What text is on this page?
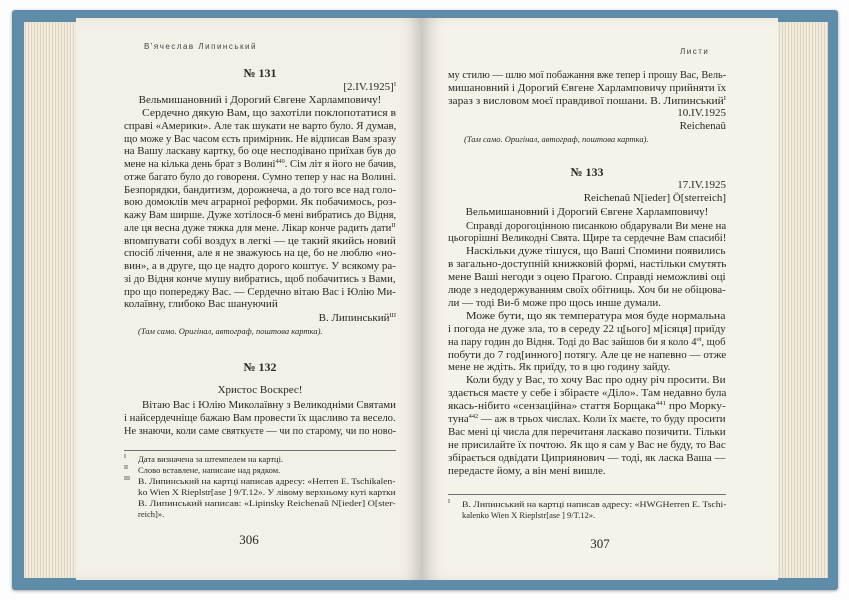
В'ячеслав Липинський
№ 131
$[2.IV.1925]^I$
Вельмишановний і Дорогий Євгене Харламповичу!
Сердечно дякую Вам, що захотіли поклопотатися в
справі «Америки». Але так шукати не варто було. Я думав,
що може у Вас часом єсть примірник. Не відписав Вам зразу
на Вашу ласкаву картку, бо оце несподівано приїхав був до
мене на кілька день брат з Волині$^{440}$. Сім літ я його не бачив,
отже багато було до говореня. Сумно тепер у нас на Волині.
Безпорядки, бандитизм, дорожнеча, а до того все над голо-
вою домоклів меч аграрної реформи. Як побачимось, роз-
кажу Вам ширше. Дуже хотілося-б мені вибратись до Відня,
але ця весна дуже тяжка для мене. Лікар конче радить дати$^{II}$
впомпувати собі воздух в легкі — це такий якийсь новий
спосіб лічення, але я не зважуюсь на це, бо не люблю «но-
вин», а в друге, що це надто дорого коштує. У всякому ра-
зі до Відня конче мушу вибратись, щоб побачитись з Вами,
про що попереджу Вас. — Сердечно вітаю Вас і Юлію Ми-
колаївну, глибоко Вас шануючий
В. Липинський$^{III}$
(Там само. Оригінал, автограф, поштова картка).
№ 132
Христос Воскрес!
Вітаю Вас і Юлію Миколаївну з Великодніми Святами
і найсердечніще бажаю Вам провести їх щасливо та весело.
Не знаючи, коли саме святкуєте — чи по старому, чи по ново-
Дата визначена за штемпелем на картці.
I
Слово вставлене, написане над рядком.
II
В. Липинський на картці написав адресу: «Herren E. Tschikalen-
III
ko Wien X Rieplstr[ase ] 9/T.12». У лівому верхньому куті картки
В. Липинський написав: «Lipinsky Reichenaû N[ieder] O[ster-
reich]».
306
Листи
му стилю — шлю мої побажання вже тепер і прошу Вас, Вель-
мишановний і Дорогий Євгене Харламповичу прийняти їх
зараз з висловом моєї правдивої пошани. В. Липинський$^I$
10.IV.1925
Reichenaû
(Там само. Оригінал, автограф, поштова картка).
№ 133
17.IV.1925
Reichenaû N[ieder] Ö[sterreich]
Вельмишановний і Дорогий Євгене Харламповичу!
Справді дорогоцінною писанкою обдарували Ви мене на
цьогорішні Великодні Свята. Щире та сердечне Вам спасибі!
Наскільки дуже тішуся, що Ваші Спомини появились
в загально-доступній книжковій формі, настільки смутять
мене Ваші негоди з оцею Прагою. Справді неможливі оці
люде з недодержуванням своїх обітниць. Хоч би не обіцюва-
ли — тоді Ви-б може про щось инше думали.
Може бути, що як температура моя буде нормальна
і погода не дуже зла, то в середу 22 ц[ього] м[ісяця] приїду
на пару годин до Відня. Тоді до Вас зайшов би я коло $4^{ої}$, щоб
побути до 7 год[инного] потягу. Але це не напевно — отже
мене не ждіть. Як приїду, то в цю годину зайду.
Коли буду у Вас, то хочу Вас про одну річ просити. Ви
здається маєте у себе і збіраєте «Діло». Там недавно була
якась-нібито «сензаційна» стаття Борщака$^{441}$ про Морку-
туна$^{442}$ — аж в трьох числах. Коли їх маєте, то буду просити
Вас мені ці числа для перечитаня ласкаво позичити. Тільки
не присилайте їх почтою. Як що я сам у Вас не буду, то Вас
збірається одвідати Циприянович — тоді, як ласка Ваша —
передасте йому, а він мені вишле.
В. Липинський на картці написав адресу: «HWGHerren E. Tschi-
I
kalenko Wien X Rieplstr[ase ] 9/T.12».
307
